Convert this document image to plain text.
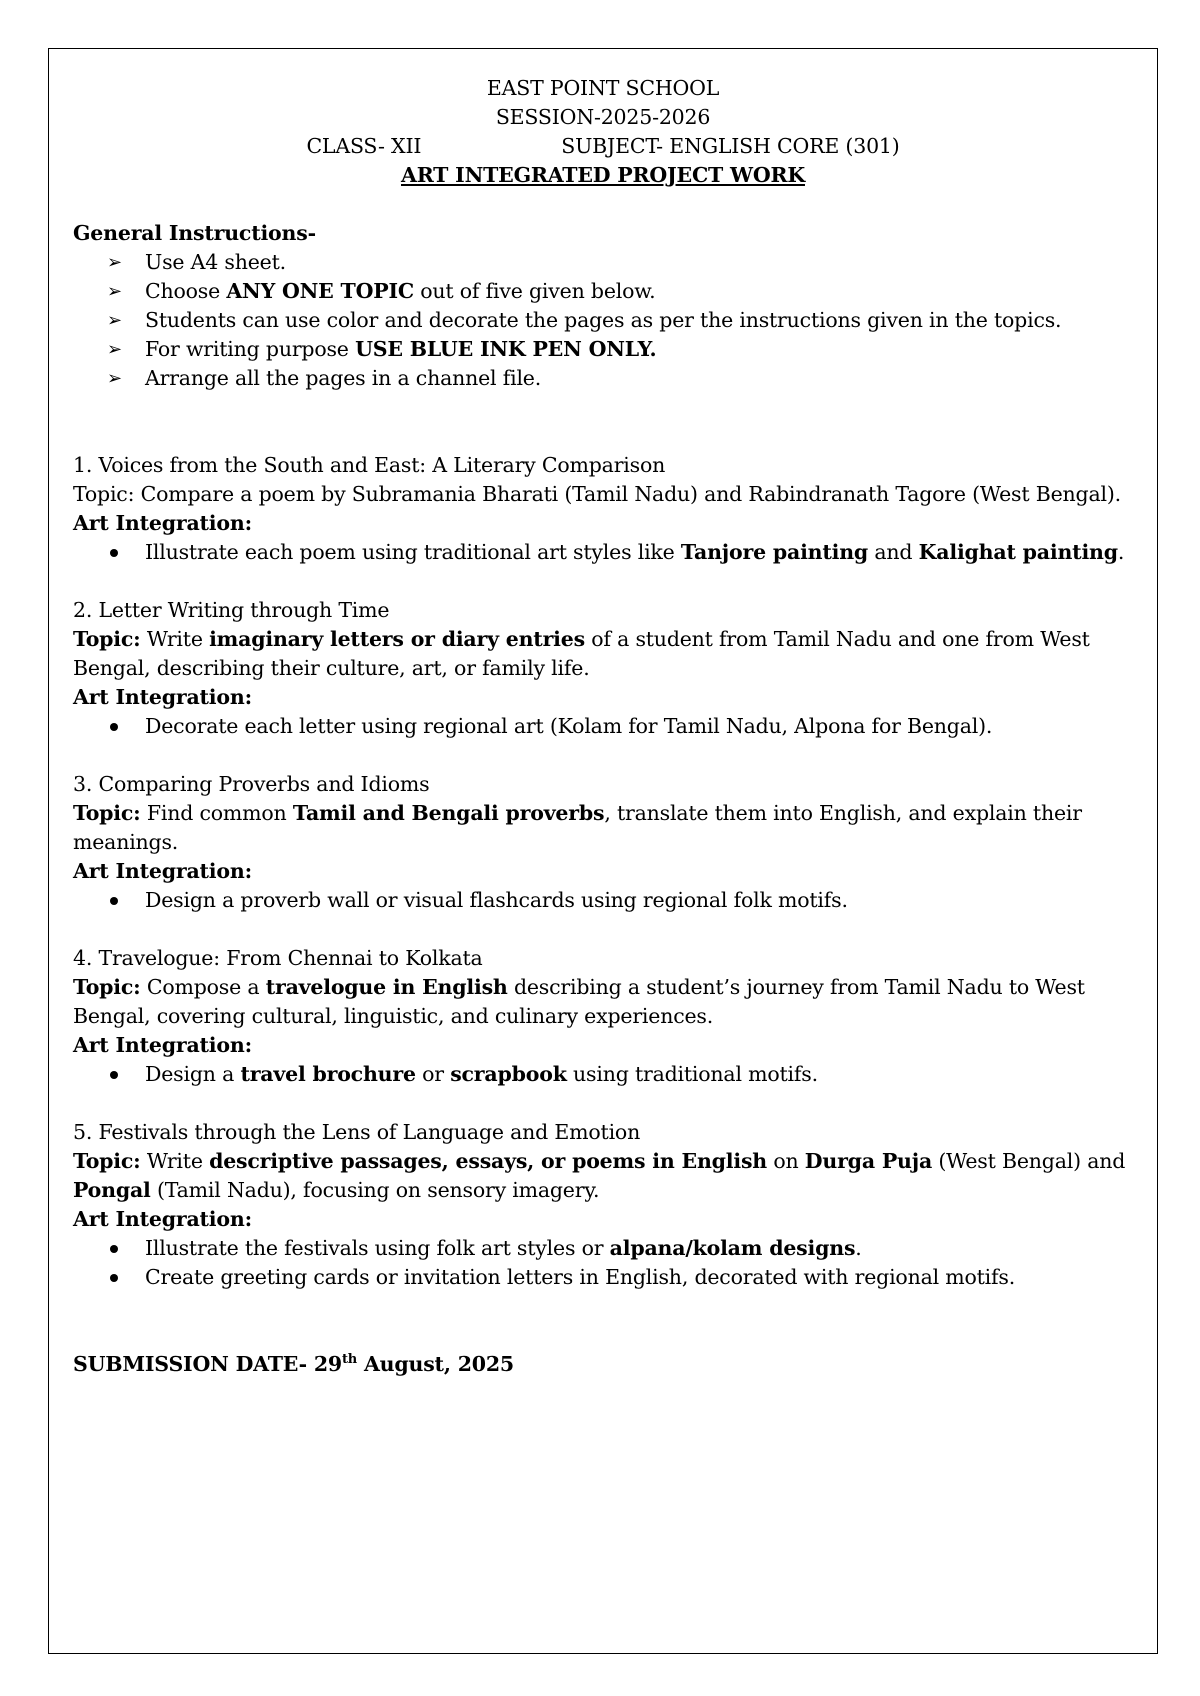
EAST POINT SCHOOL
SESSION-2025-2026
CLASS- XII	SUBJECT- ENGLISH CORE (301)
ART INTEGRATED PROJECT WORK
General Instructions-
➢ Use A4 sheet.
➢ Choose ANY ONE TOPIC out of five given below.
➢ Students can use color and decorate the pages as per the instructions given in the topics.
➢ For writing purpose USE BLUE INK PEN ONLY.
➢ Arrange all the pages in a channel file.
1. Voices from the South and East: A Literary Comparison
Topic: Compare a poem by Subramania Bharati (Tamil Nadu) and Rabindranath Tagore (West Bengal).
Art Integration:
Illustrate each poem using traditional art styles like Tanjore painting and Kalighat painting.
2. Letter Writing through Time
Topic: Write imaginary letters or diary entries of a student from Tamil Nadu and one from West Bengal, describing their culture, art, or family life.
Art Integration:
Decorate each letter using regional art (Kolam for Tamil Nadu, Alpona for Bengal).
3. Comparing Proverbs and Idioms
Topic: Find common Tamil and Bengali proverbs, translate them into English, and explain their meanings.
Art Integration:
Design a proverb wall or visual flashcards using regional folk motifs.
4. Travelogue: From Chennai to Kolkata
Topic: Compose a travelogue in English describing a student’s journey from Tamil Nadu to West Bengal, covering cultural, linguistic, and culinary experiences.
Art Integration:
Design a travel brochure or scrapbook using traditional motifs.
5. Festivals through the Lens of Language and Emotion
Topic: Write descriptive passages, essays, or poems in English on Durga Puja (West Bengal) and Pongal (Tamil Nadu), focusing on sensory imagery.
Art Integration:
Illustrate the festivals using folk art styles or alpana/kolam designs.
Create greeting cards or invitation letters in English, decorated with regional motifs.
SUBMISSION DATE- 29th August, 2025
